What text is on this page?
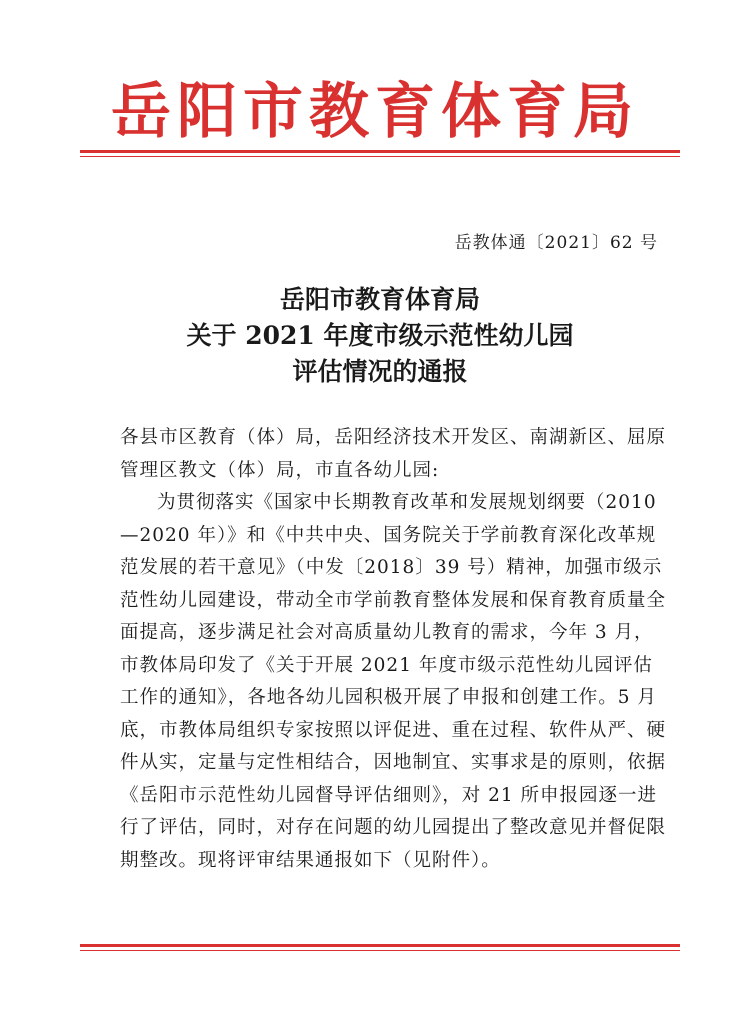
岳阳市教育体育局
岳教体通〔2021〕62 号
岳阳市教育体育局
关于 2021 年度市级示范性幼儿园
评估情况的通报

各县市区教育（体）局，岳阳经济技术开发区、南湖新区、屈原管理区教文（体）局，市直各幼儿园:

为贯彻落实《国家中长期教育改革和发展规划纲要（2010—2020 年）》和《中共中央、国务院关于学前教育深化改革规范发展的若干意见》（中发〔2018〕39 号）精神，加强市级示范性幼儿园建设，带动全市学前教育整体发展和保育教育质量全面提高，逐步满足社会对高质量幼儿教育的需求，今年 3 月，市教体局印发了《关于开展 2021 年度市级示范性幼儿园评估工作的通知》，各地各幼儿园积极开展了申报和创建工作。5 月底，市教体局组织专家按照以评促进、重在过程、软件从严、硬件从实，定量与定性相结合，因地制宜、实事求是的原则，依据《岳阳市示范性幼儿园督导评估细则》，对 21 所申报园逐一进行了评估，同时，对存在问题的幼儿园提出了整改意见并督促限期整改。现将评审结果通报如下（见附件）。
